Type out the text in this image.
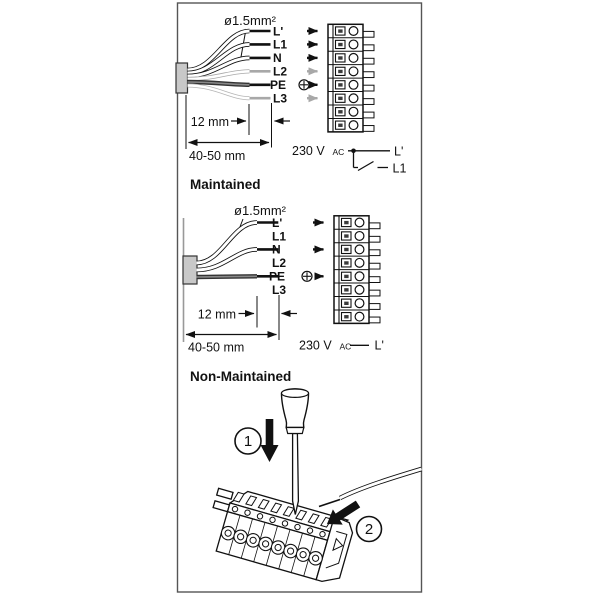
ø1.5mm²
L'
L1
N
L2
PE
L3
12 mm
40-50 mm	230 V AC	L'
L1
Maintained
ø1.5mm²
L'
L1
N
L2
PE
L3
12 mm
40-50 mm	230 V AC L'
Non-Maintained
1
2
